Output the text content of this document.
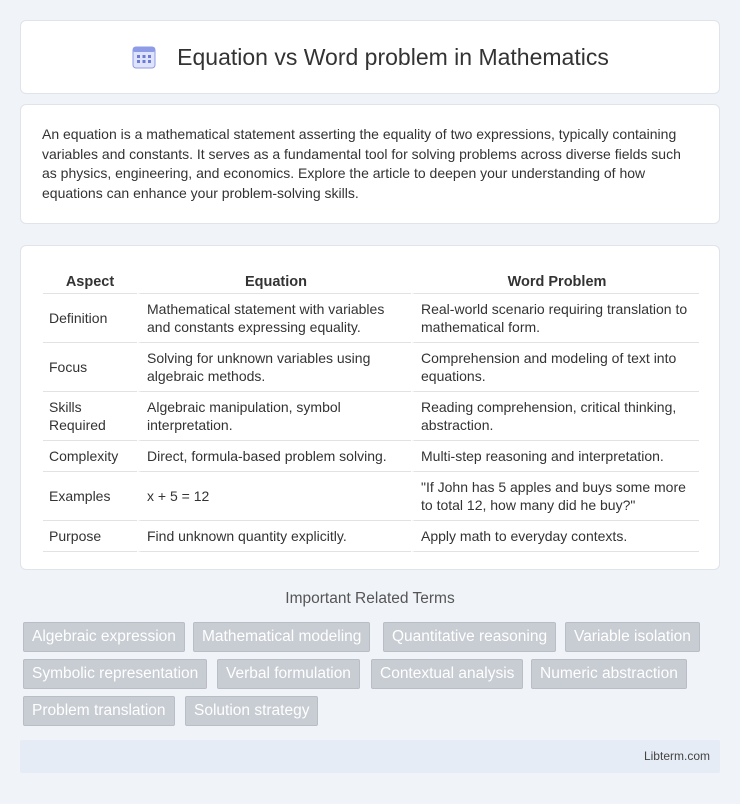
Equation vs Word problem in Mathematics

An equation is a mathematical statement asserting the equality of two expressions, typically containing variables and constants. It serves as a fundamental tool for solving problems across diverse fields such as physics, engineering, and economics. Explore the article to deepen your understanding of how equations can enhance your problem-solving skills.

Aspect	Equation	Word Problem
Definition	Mathematical statement with variables and constants expressing equality.	Real-world scenario requiring translation to mathematical form.
Focus	Solving for unknown variables using algebraic methods.	Comprehension and modeling of text into equations.
Skills Required	Algebraic manipulation, symbol interpretation.	Reading comprehension, critical thinking, abstraction.
Complexity	Direct, formula-based problem solving.	Multi-step reasoning and interpretation.
Examples	x + 5 = 12	"If John has 5 apples and buys some more to total 12, how many did he buy?"
Purpose	Find unknown quantity explicitly.	Apply math to everyday contexts.
Important Related Terms
Algebraic expression	Mathematical modeling	Quantitative reasoning	Variable isolation
Symbolic representation	Verbal formulation	Contextual analysis	Numeric abstraction
Problem translation	Solution strategy
Libterm.com
